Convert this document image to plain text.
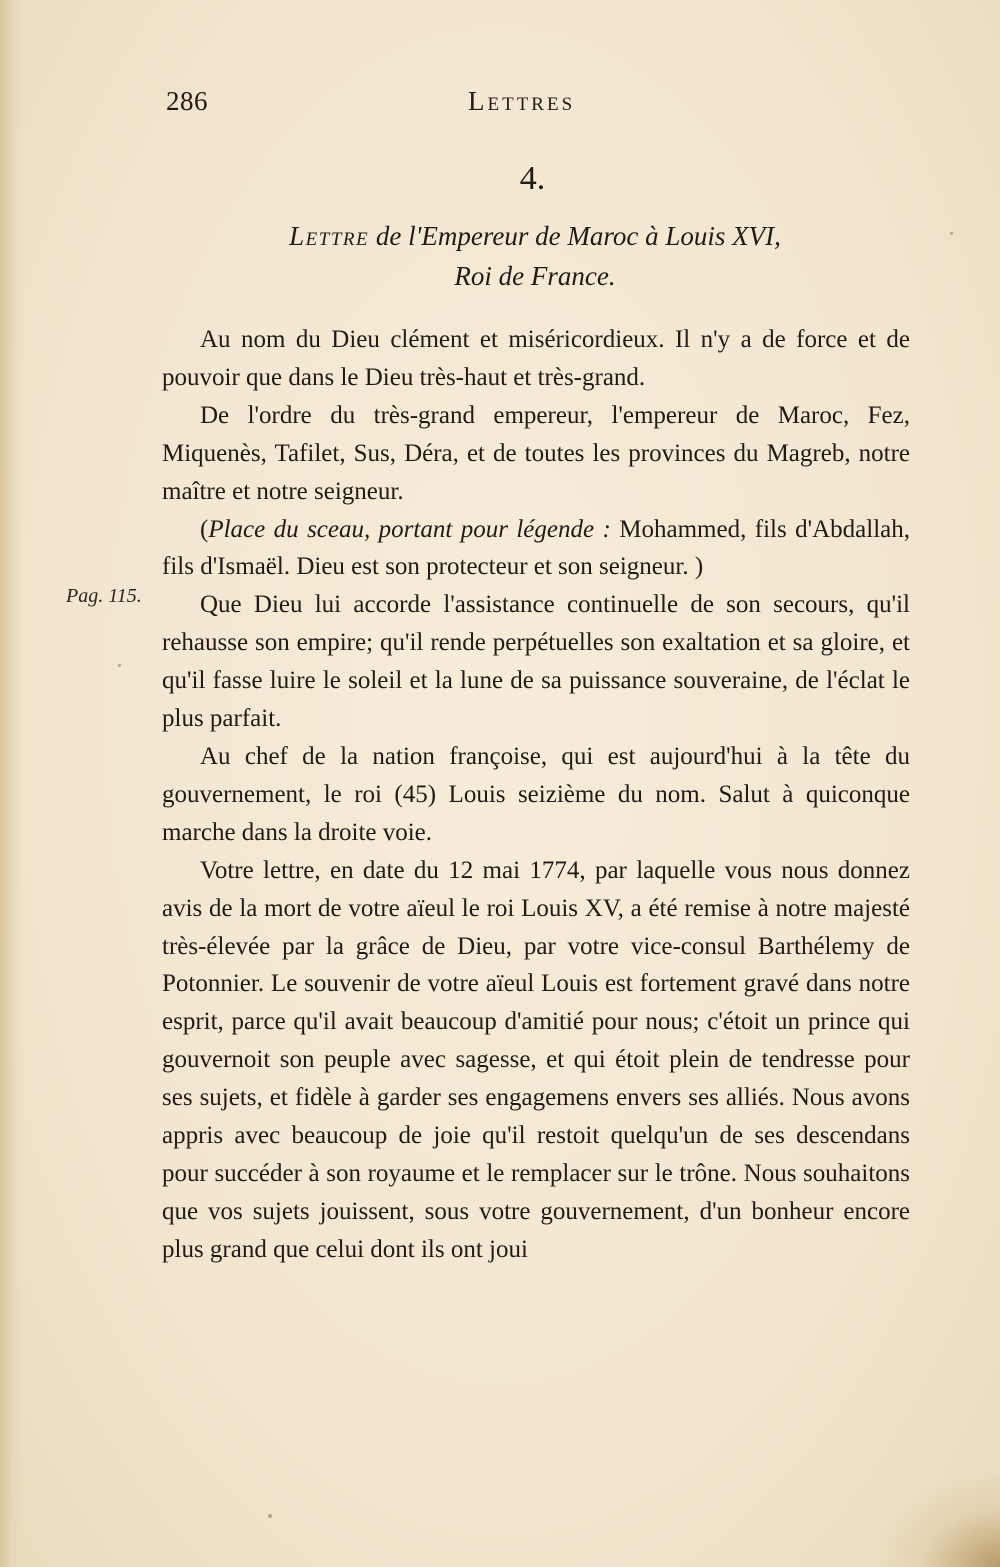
286	Lettres
4.
Lettre de l'Empereur de Maroc à Louis XVI,
Roi de France.
Pag. 115.

Au nom du Dieu clément et miséricordieux. Il n'y a de force et de pouvoir que dans le Dieu très-haut et très-grand.

De l'ordre du très-grand empereur, l'empereur de Maroc, Fez, Miquenès, Tafilet, Sus, Déra, et de toutes les provinces du Magreb, notre maître et notre seigneur.

(Place du sceau, portant pour légende : Mohammed, fils d'Abdallah, fils d'Ismaël. Dieu est son protecteur et son seigneur. )

Que Dieu lui accorde l'assistance continuelle de son secours, qu'il rehausse son empire; qu'il rende perpétuelles son exaltation et sa gloire, et qu'il fasse luire le soleil et la lune de sa puissance souveraine, de l'éclat le plus parfait.

Au chef de la nation françoise, qui est aujourd'hui à la tête du gouvernement, le roi (45) Louis seizième du nom. Salut à quiconque marche dans la droite voie.

Votre lettre, en date du 12 mai 1774, par laquelle vous nous donnez avis de la mort de votre aïeul le roi Louis XV, a été remise à notre majesté très-élevée par la grâce de Dieu, par votre vice-consul Barthélemy de Potonnier. Le souvenir de votre aïeul Louis est fortement gravé dans notre esprit, parce qu'il avait beaucoup d'amitié pour nous; c'étoit un prince qui gouvernoit son peuple avec sagesse, et qui étoit plein de tendresse pour ses sujets, et fidèle à garder ses engagemens envers ses alliés. Nous avons appris avec beaucoup de joie qu'il restoit quelqu'un de ses descendans pour succéder à son royaume et le remplacer sur le trône. Nous souhaitons que vos sujets jouissent, sous votre gouvernement, d'un bonheur encore plus grand que celui dont ils ont joui
